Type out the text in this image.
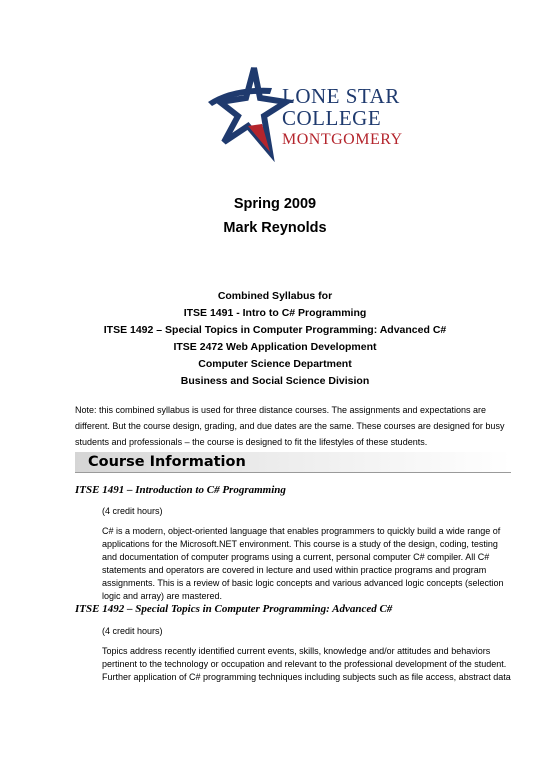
LONE STAR
COLLEGE
MONTGOMERY
Spring 2009
Mark Reynolds
Combined Syllabus for
ITSE 1491 - Intro to C# Programming
ITSE 1492 – Special Topics in Computer Programming: Advanced C#
ITSE 2472 Web Application Development
Computer Science Department
Business and Social Science Division
Note: this combined syllabus is used for three distance courses. The assignments and expectations are different. But the course design, grading, and due dates are the same. These courses are designed for busy students and professionals – the course is designed to fit the lifestyles of these students.
Course Information
ITSE 1491 – Introduction to C# Programming
(4 credit hours)
C# is a modern, object-oriented language that enables programmers to quickly build a wide range of applications for the Microsoft.NET environment. This course is a study of the design, coding, testing and documentation of computer programs using a current, personal computer C# compiler. All C# statements and operators are covered in lecture and used within practice programs and program assignments. This is a review of basic logic concepts and various advanced logic concepts (selection logic and array) are mastered.
ITSE 1492 – Special Topics in Computer Programming: Advanced C#
(4 credit hours)
Topics address recently identified current events, skills, knowledge and/or attitudes and behaviors pertinent to the technology or occupation and relevant to the professional development of the student. Further application of C# programming techniques including subjects such as file access, abstract data
